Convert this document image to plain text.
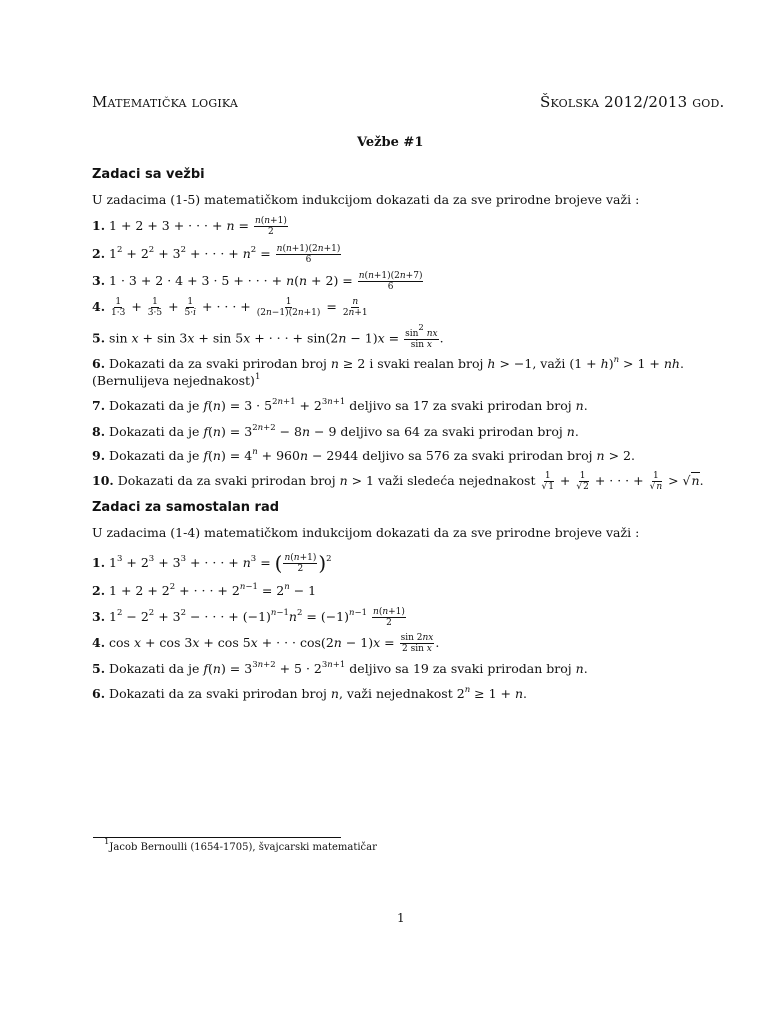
Matematička logika	Školska 2012/2013 god.
Vežbe #1
Zadaci sa vežbi
U zadacima (1-5) matematičkom indukcijom dokazati da za sve prirodne brojeve važi :
1. 1 + 2 + 3 + · · · + $n = \frac{n(n+1)}{2}$
2. $1^2 + 2^2 + 3^2$ + · · · + $n^2 = \frac{n(n+1)(2n+1)}{6}$
3. 1 · 3 + 2 · 4 + 3 · 5 + · · · + $n(n + 2) = \frac{n(n+1)(2n+7)}{6}$
4. $\frac{1}{1\cdot 3} + \frac{1}{3\cdot 5} + \frac{1}{5\cdot i}$ + · · · + $\frac{1}{(2n-1)(2n+1)} = \frac{n}{2n+1}$
5. sin x + sin 3x + sin 5x + · · · + $\sin(2n - 1)x = \frac{\sin^2 nx}{\text{sin x}}$ .
6. Dokazati da za svaki prirodan broj n ≥ 2 i svaki realan broj h > −1, važi $(1 + h)^n > 1$ + nh.
(Bernulijeva nejednakost)$^1$
7. Dokazati da je $f(n) = 3 \cdot 5^{2n+1} + 2^{3n+1}$ deljivo sa 17 za svaki prirodan broj n.
8. Dokazati da je $f(n) = 3^{2n+2} - 8n - 9$ deljivo sa 64 za svaki prirodan broj n.
9. Dokazati da je $f(n) = 4^n + 960n - 2944$ deljivo sa 576 za svaki prirodan broj n > 2.
10. Dokazati da za svaki prirodan broj n > 1 važi sledeća nejednakost $\frac{1}{√1} + \frac{1}{√2}$ + · · · + $\frac{1}{√n} > √n$.
Zadaci za samostalan rad
U zadacima (1-4) matematičkom indukcijom dokazati da za sve prirodne brojeve važi :
1. $1^3 + 2^3 + 3^3$ + · · · + $n^3$ = ( $\frac{n(n+1)}{2} )^2$
2. $1 + 2 + 2^2$ + · · · + $2^{n-1} = 2^n - 1$
3. $1^2 - 2^2 + 3^2$ − · · · + $(-1)^{n-1}n^2 = (-1)^{n-1} \frac{n(n+1)}{2}$
4. cos x + cos 3x + cos 5x + · · · $\cos(2n - 1)x = \frac{\sin 2nx}{\text{2 sin x}}$ .
5. Dokazati da je $f(n) = 3^{3n+2} + 5 \cdot 2^{3n+1}$ deljivo sa 19 za svaki prirodan broj n.
6. Dokazati da za svaki prirodan broj n, važi nejednakost $2^n \ge 1 + n$.
$^1$Jacob Bernoulli (1654-1705), švajcarski matematičar
1
